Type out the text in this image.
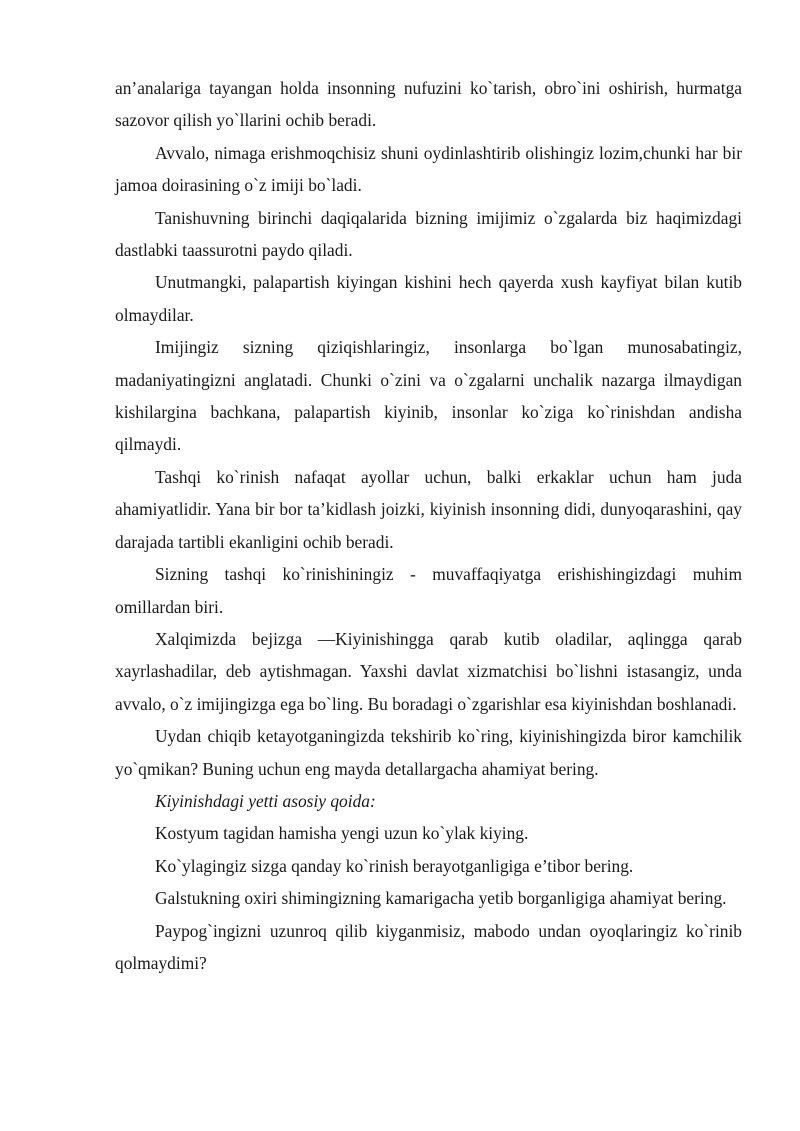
an’analariga tayangan holda insonning nufuzini ko`tarish, obro`ini oshirish, hurmatga sazovor qilish yo`llarini ochib beradi.

Avvalo, nimaga erishmoqchisiz shuni oydinlashtirib olishingiz lozim,chunki har bir jamoa doirasining o`z imiji bo`ladi.

Tanishuvning birinchi daqiqalarida bizning imijimiz o`zgalarda biz haqimizdagi dastlabki taassurotni paydo qiladi.

Unutmangki, palapartish kiyingan kishini hech qayerda xush kayfiyat bilan kutib olmaydilar.

Imijingiz sizning qiziqishlaringiz, insonlarga bo`lgan munosabatingiz, madaniyatingizni anglatadi. Chunki o`zini va o`zgalarni unchalik nazarga ilmaydigan kishilargina bachkana, palapartish kiyinib, insonlar ko`ziga ko`rinishdan andisha qilmaydi.

Tashqi ko`rinish nafaqat ayollar uchun, balki erkaklar uchun ham juda ahamiyatlidir. Yana bir bor ta’kidlash joizki, kiyinish insonning didi, dunyoqarashini, qay darajada tartibli ekanligini ochib beradi.

Sizning tashqi ko`rinishiningiz - muvaffaqiyatga erishishingizdagi muhim omillardan biri.

Xalqimizda bejizga —Kiyinishingga qarab kutib oladilar, aqlingga qarab xayrlashadilar, deb aytishmagan. Yaxshi davlat xizmatchisi bo`lishni istasangiz, unda avvalo, o`z imijingizga ega bo`ling. Bu boradagi o`zgarishlar esa kiyinishdan boshlanadi.

Uydan chiqib ketayotganingizda tekshirib ko`ring, kiyinishingizda biror kamchilik yo`qmikan? Buning uchun eng mayda detallargacha ahamiyat bering.

Kiyinishdagi yetti asosiy qoida:

Kostyum tagidan hamisha yengi uzun ko`ylak kiying.

Ko`ylagingiz sizga qanday ko`rinish berayotganligiga e’tibor bering.

Galstukning oxiri shimingizning kamarigacha yetib borganligiga ahamiyat bering.

Paypog`ingizni uzunroq qilib kiyganmisiz, mabodo undan oyoqlaringiz ko`rinib qolmaydimi?
